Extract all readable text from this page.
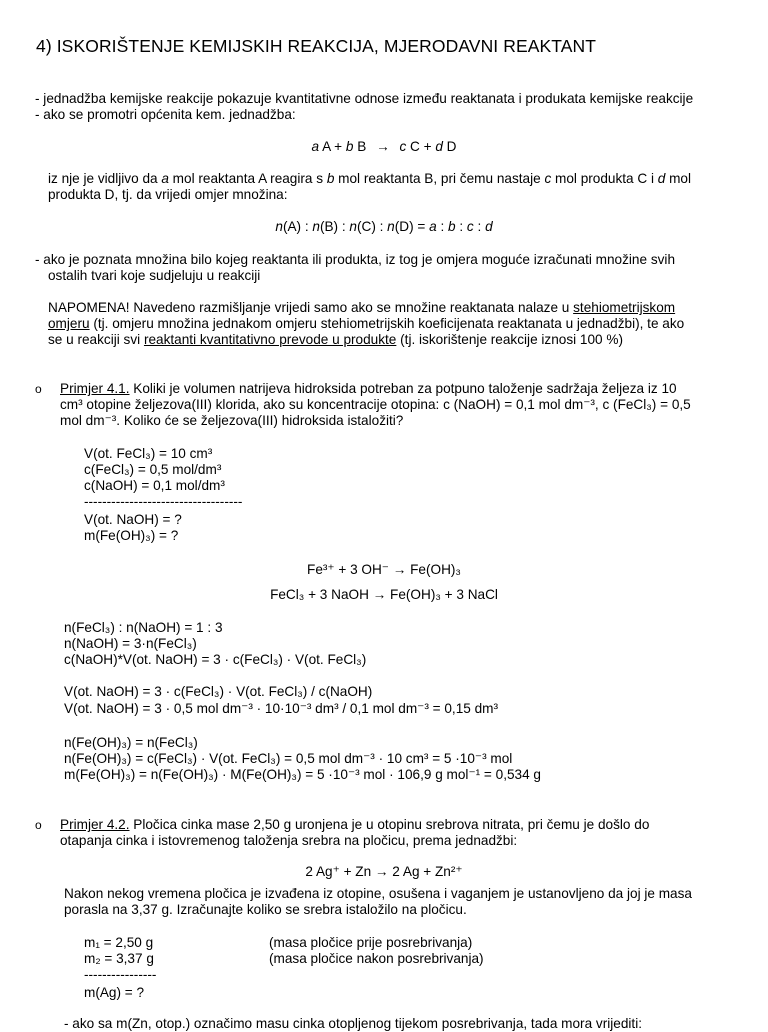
4) ISKORIŠTENJE KEMIJSKIH REAKCIJA, MJERODAVNI REAKTANT
- jednadžba kemijske reakcije pokazuje kvantitativne odnose između reaktanata i produkata kemijske reakcije
- ako se promotri općenita kem. jednadžba:
a A + b B → c C + d D
iz nje je vidljivo da a mol reaktanta A reagira s b mol reaktanta B, pri čemu nastaje c mol produkta C i d mol
produkta D, tj. da vrijedi omjer množina:
n(A) : n(B) : n(C) : n(D) = a : b : c : d
- ako je poznata množina bilo kojeg reaktanta ili produkta, iz tog je omjera moguće izračunati množine svih
ostalih tvari koje sudjeluju u reakciji
NAPOMENA! Navedeno razmišljanje vrijedi samo ako se množine reaktanata nalaze u stehiometrijskom
omjeru (tj. omjeru množina jednakom omjeru stehiometrijskih koeficijenata reaktanata u jednadžbi), te ako
se u reakciji svi reaktanti kvantitativno prevode u produkte (tj. iskorištenje reakcije iznosi 100 %)
o Primjer 4.1. Koliki je volumen natrijeva hidroksida potreban za potpuno taloženje sadržaja željeza iz 10
cm³ otopine željezova(III) klorida, ako su koncentracije otopina: c (NaOH) = 0,1 mol dm⁻³, c (FeCl₃) = 0,5
mol dm⁻³. Koliko će se željezova(III) hidroksida istaložiti?
V(ot. FeCl₃) = 10 cm³
c(FeCl₃) = 0,5 mol/dm³
c(NaOH) = 0,1 mol/dm³
-----------------------------------
V(ot. NaOH) = ?
m(Fe(OH)₃) = ?
Fe³⁺ + 3 OH⁻ → Fe(OH)₃
FeCl₃ + 3 NaOH → Fe(OH)₃ + 3 NaCl
n(FeCl₃) : n(NaOH) = 1 : 3
n(NaOH) = 3·n(FeCl₃)
c(NaOH)*V(ot. NaOH) = 3 · c(FeCl₃) · V(ot. FeCl₃)
V(ot. NaOH) = 3 · c(FeCl₃) · V(ot. FeCl₃) / c(NaOH)
V(ot. NaOH) = 3 · 0,5 mol dm⁻³ · 10·10⁻³ dm³ / 0,1 mol dm⁻³ = 0,15 dm³
n(Fe(OH)₃) = n(FeCl₃)
n(Fe(OH)₃) = c(FeCl₃) · V(ot. FeCl₃) = 0,5 mol dm⁻³ · 10 cm³ = 5 ·10⁻³ mol
m(Fe(OH)₃) = n(Fe(OH)₃) · M(Fe(OH)₃) = 5 ·10⁻³ mol · 106,9 g mol⁻¹ = 0,534 g
o Primjer 4.2. Pločica cinka mase 2,50 g uronjena je u otopinu srebrova nitrata, pri čemu je došlo do
otapanja cinka i istovremenog taloženja srebra na pločicu, prema jednadžbi:
2 Ag⁺ + Zn → 2 Ag + Zn²⁺
Nakon nekog vremena pločica je izvađena iz otopine, osušena i vaganjem je ustanovljeno da joj je masa
porasla na 3,37 g. Izračunajte koliko se srebra istaložilo na pločicu.
m₁ = 2,50 g	(masa pločice prije posrebrivanja)
m₂ = 3,37 g	(masa pločice nakon posrebrivanja)
----------------
m(Ag) = ?
- ako sa m(Zn, otop.) označimo masu cinka otopljenog tijekom posrebrivanja, tada mora vrijediti:
